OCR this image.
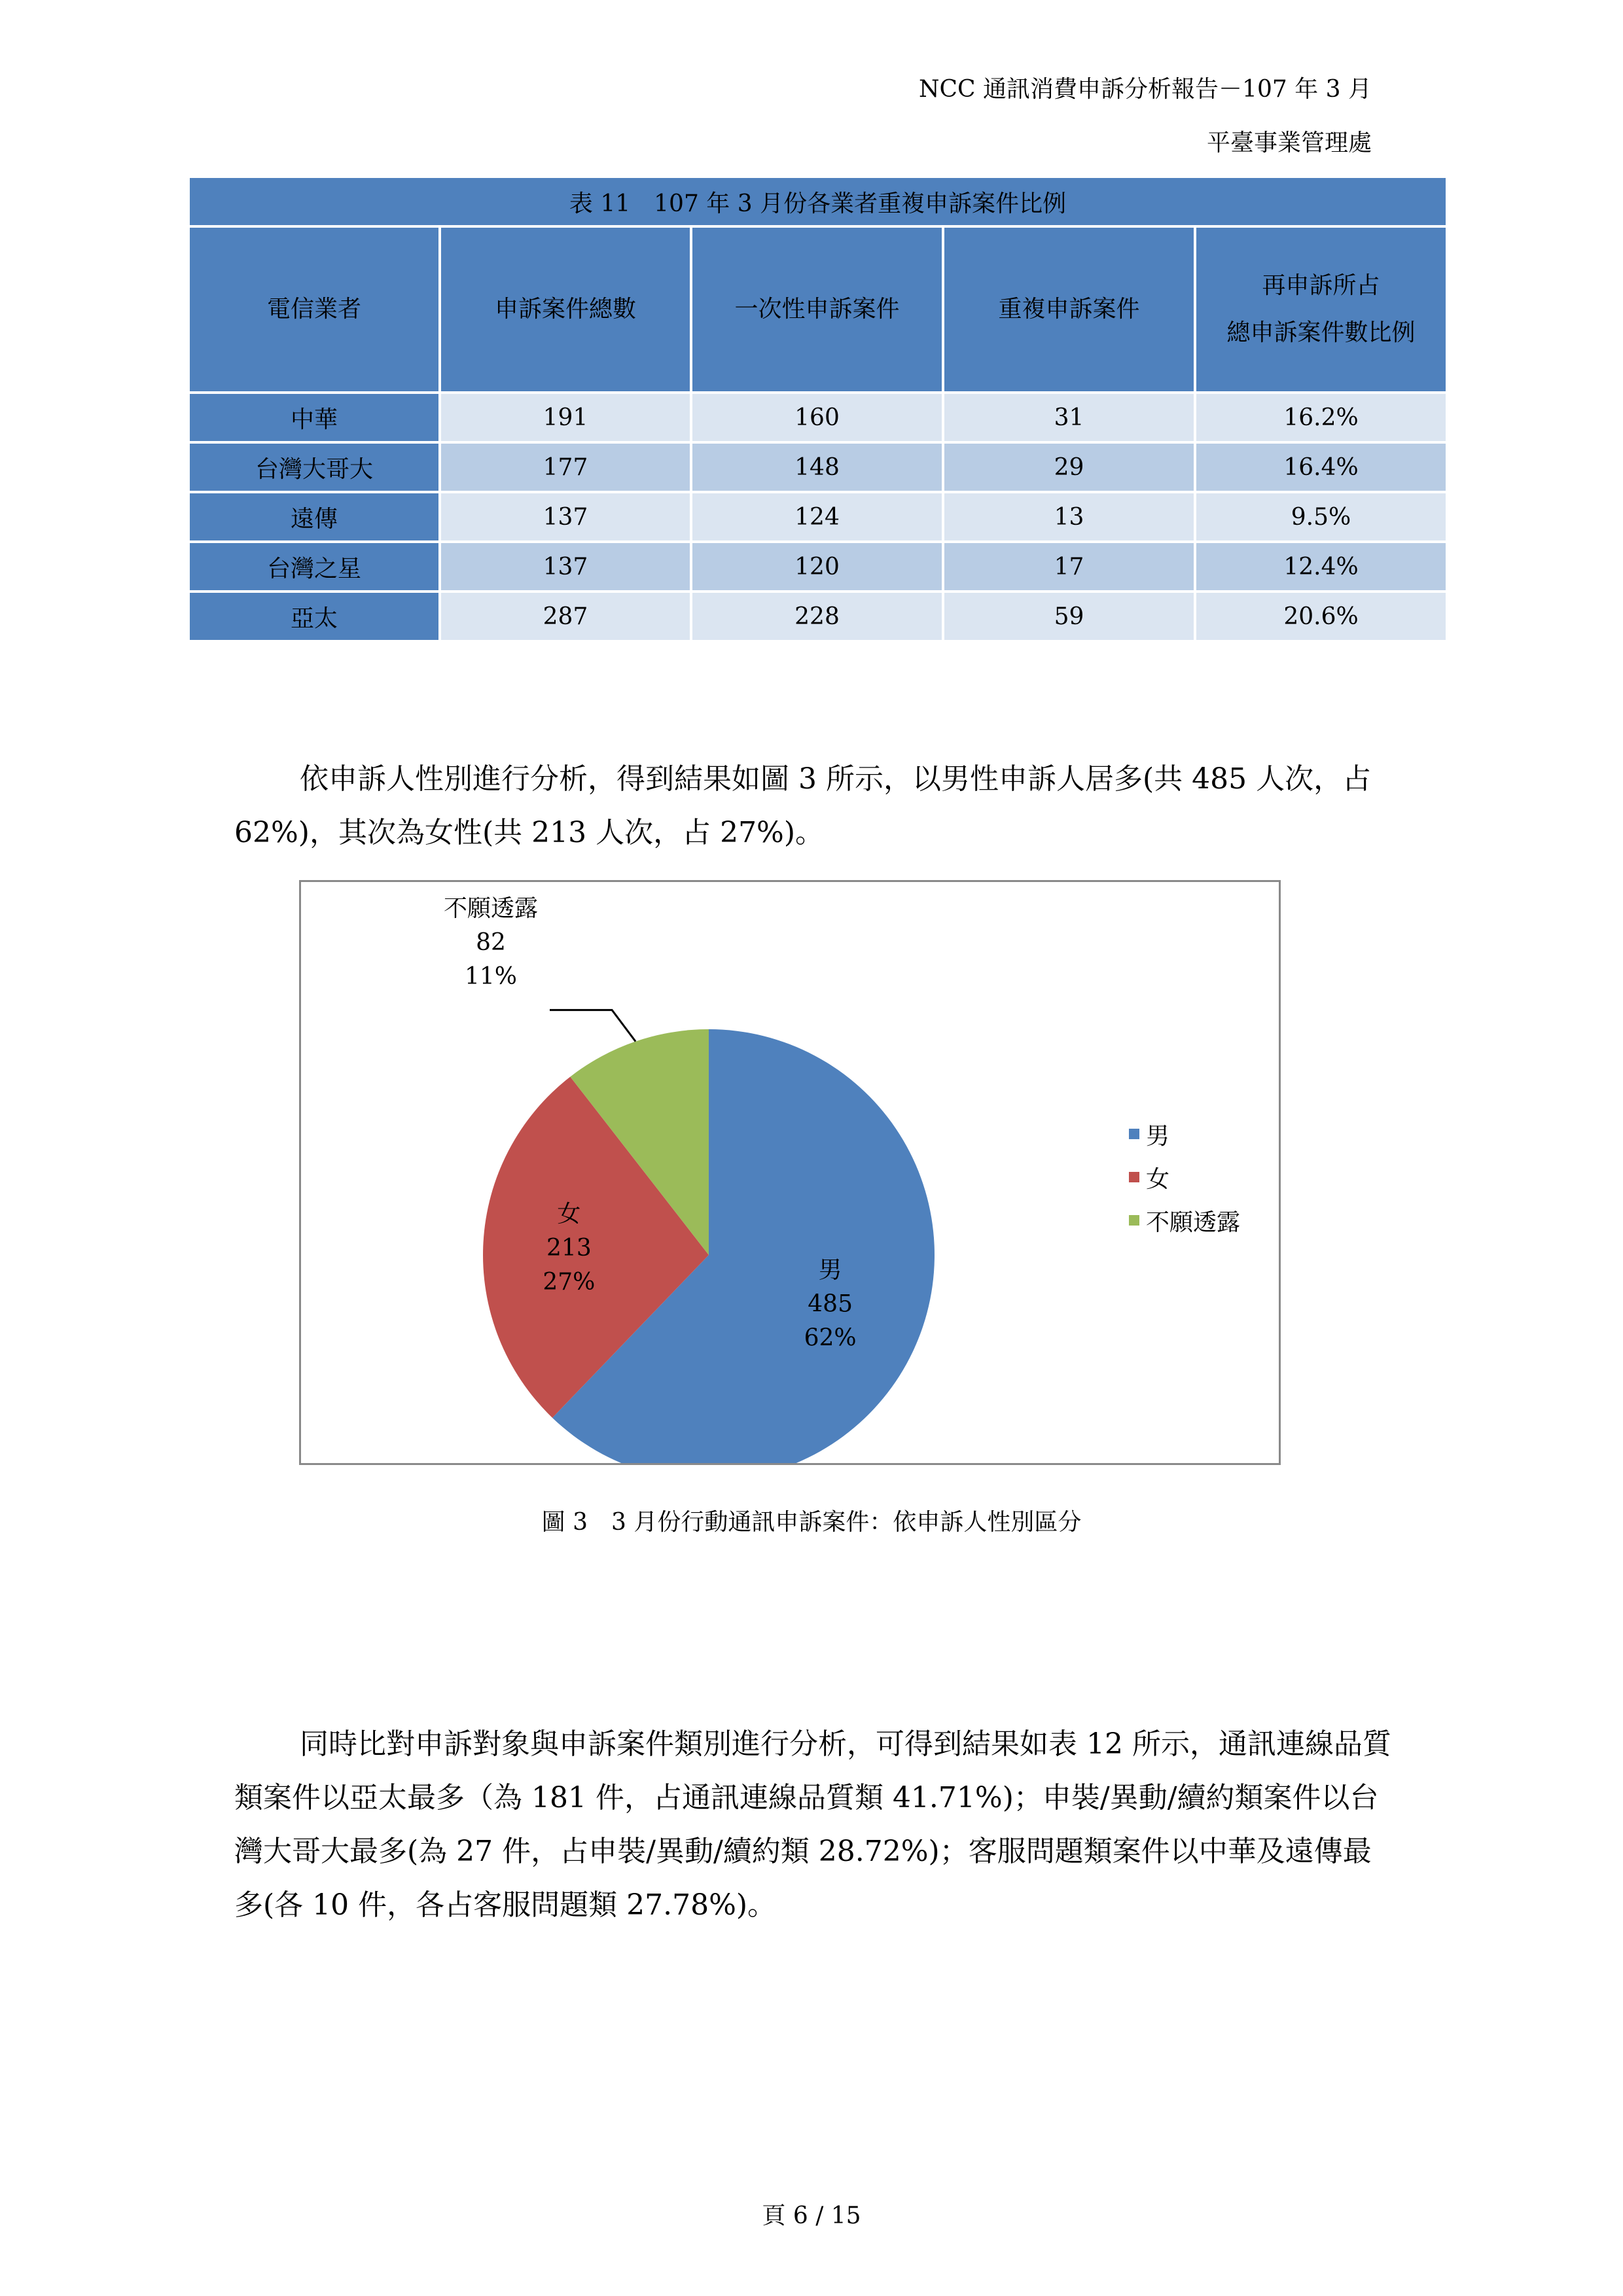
NCC 通訊消費申訴分析報告－107 年 3 月
平臺事業管理處
表 11　107 年 3 月份各業者重複申訴案件比例				
電信業者	申訴案件總數	一次性申訴案件	重複申訴案件	再申訴所占
總申訴案件數比例
中華	191	160	31	16.2%
台灣大哥大	177	148	29	16.4%
遠傳	137	124	13	9.5%
台灣之星	137	120	17	12.4%
亞太	287	228	59	20.6%

依申訴人性別進行分析，得到結果如圖 3 所示，以男性申訴人居多(共 485 人次，占 62%)，其次為女性(共 213 人次，占 27%)。

男
485
62%
女
213
27%
不願透露
82
11%
男
女
不願透露
圖 3　3 月份行動通訊申訴案件：依申訴人性別區分

同時比對申訴對象與申訴案件類別進行分析，可得到結果如表 12 所示，通訊連線品質類案件以亞太最多（為 181 件，占通訊連線品質類 41.71%)；申裝/異動/續約類案件以台灣大哥大最多(為 27 件，占申裝/異動/續約類 28.72%)；客服問題類案件以中華及遠傳最多(各 10 件，各占客服問題類 27.78%)。

頁 6 / 15
